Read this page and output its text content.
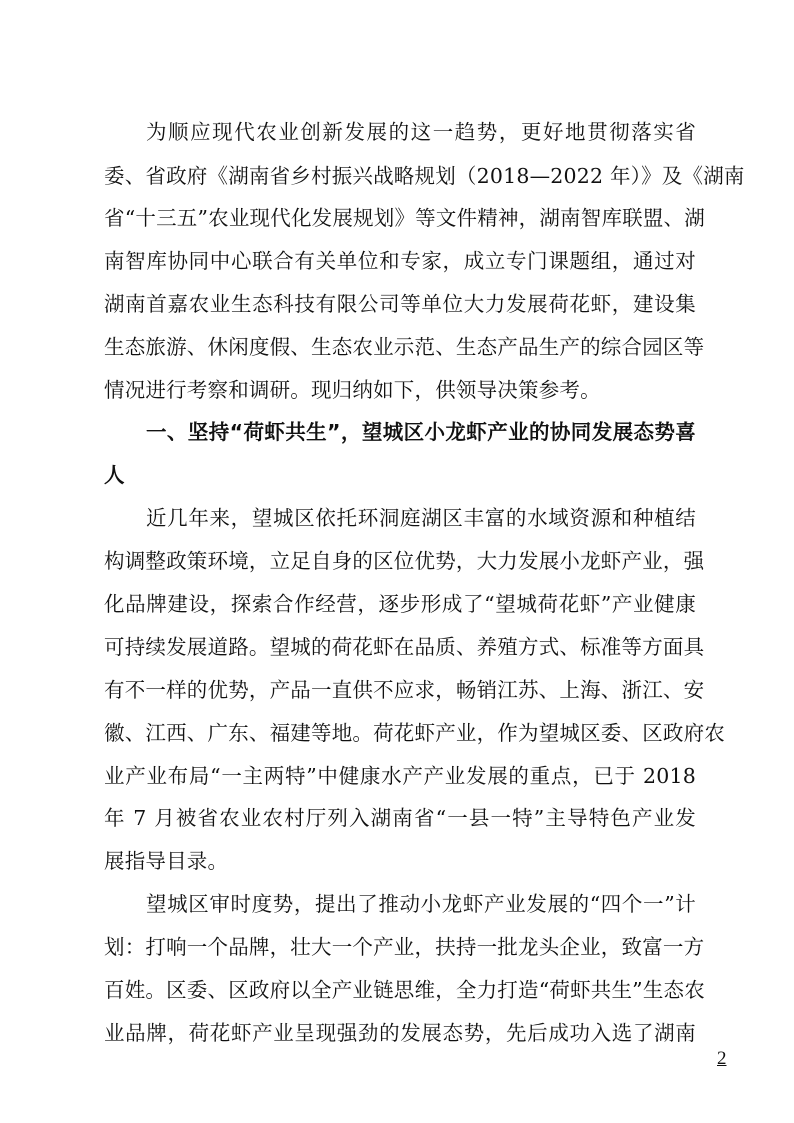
为顺应现代农业创新发展的这一趋势，更好地贯彻落实省
委、省政府《湖南省乡村振兴战略规划（2018—2022 年）》及《湖南
省“十三五”农业现代化发展规划》等文件精神，湖南智库联盟、湖
南智库协同中心联合有关单位和专家，成立专门课题组，通过对
湖南首嘉农业生态科技有限公司等单位大力发展荷花虾，建设集
生态旅游、休闲度假、生态农业示范、生态产品生产的综合园区等
情况进行考察和调研。现归纳如下，供领导决策参考。
一、坚持“荷虾共生”，望城区小龙虾产业的协同发展态势喜
人
近几年来，望城区依托环洞庭湖区丰富的水域资源和种植结
构调整政策环境，立足自身的区位优势，大力发展小龙虾产业，强
化品牌建设，探索合作经营，逐步形成了“望城荷花虾”产业健康
可持续发展道路。望城的荷花虾在品质、养殖方式、标准等方面具
有不一样的优势，产品一直供不应求，畅销江苏、上海、浙江、安
徽、江西、广东、福建等地。荷花虾产业，作为望城区委、区政府农
业产业布局“一主两特”中健康水产产业发展的重点，已于 2018
年 7 月被省农业农村厅列入湖南省“一县一特”主导特色产业发
展指导目录。
望城区审时度势，提出了推动小龙虾产业发展的“四个一”计
划：打响一个品牌，壮大一个产业，扶持一批龙头企业，致富一方
百姓。区委、区政府以全产业链思维，全力打造“荷虾共生”生态农
业品牌，荷花虾产业呈现强劲的发展态势，先后成功入选了湖南
2
